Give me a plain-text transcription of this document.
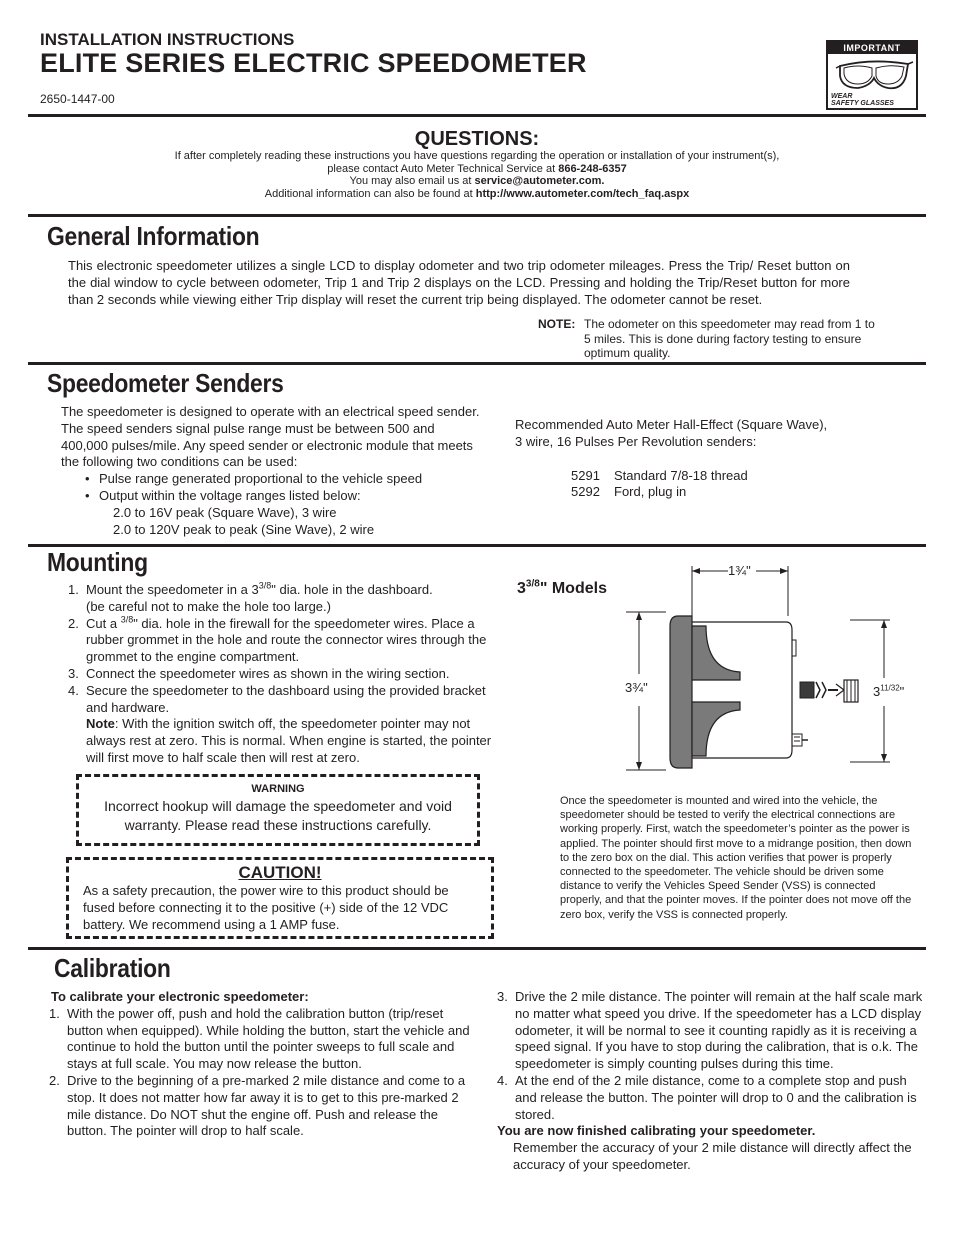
INSTALLATION INSTRUCTIONS
ELITE SERIES ELECTRIC SPEEDOMETER
2650-1447-00
IMPORTANT
WEAR
SAFETY GLASSES
QUESTIONS:
If after completely reading these instructions you have questions regarding the operation or installation of your instrument(s),
please contact Auto Meter Technical Service at 866-248-6357
You may also email us at service@autometer.com.
Additional information can also be found at http://www.autometer.com/tech_faq.aspx
General Information
This electronic speedometer utilizes a single LCD to display odometer and two trip odometer mileages. Press the Trip/ Reset button on the dial window to cycle between odometer, Trip 1 and Trip 2 displays on the LCD. Pressing and holding the Trip/Reset button for more than 2 seconds while viewing either Trip display will reset the current trip being displayed. The odometer cannot be reset.
NOTE: The odometer on this speedometer may read from 1 to
5 miles. This is done during factory testing to ensure
optimum quality.
Speedometer Senders
The speedometer is designed to operate with an electrical speed sender. The speed senders signal pulse range must be between 500 and 400,000 pulses/mile. Any speed sender or electronic module that meets the following two conditions can be used:
• Pulse range generated proportional to the vehicle speed
• Output within the voltage ranges listed below:
2.0 to 16V peak (Square Wave), 3 wire
2.0 to 120V peak to peak (Sine Wave), 2 wire
Recommended Auto Meter Hall-Effect (Square Wave),
3 wire, 16 Pulses Per Revolution senders:
5291 Standard 7/8-18 thread
5292 Ford, plug in
Mounting
1. Mount the speedometer in a $3^{3/8}$" dia. hole in the dashboard.
(be careful not to make the hole too large.)
2. Cut a $^{3/8}$" dia. hole in the firewall for the speedometer wires. Place a rubber grommet in the hole and route the connector wires through the grommet to the engine compartment.
3. Connect the speedometer wires as shown in the wiring section.
4. Secure the speedometer to the dashboard using the provided bracket and hardware.
Note: With the ignition switch off, the speedometer pointer may not always rest at zero. This is normal. When engine is started, the pointer will first move to half scale then will rest at zero.
WARNING
Incorrect hookup will damage the speedometer and void warranty. Please read these instructions carefully.
CAUTION!
As a safety precaution, the power wire to this product should be fused before connecting it to the positive (+) side of the 12 VDC battery. We recommend using a 1 AMP fuse.
$3^{3/8}$" Models
1¾"
3¾"	$3^{11/32}$"
Once the speedometer is mounted and wired into the vehicle, the speedometer should be tested to verify the electrical connections are working properly. First, watch the speedometer’s pointer as the power is applied. The pointer should first move to a midrange position, then down to the zero box on the dial. This action verifies that power is properly connected to the speedometer. The vehicle should be driven some distance to verify the Vehicles Speed Sender (VSS) is connected properly, and that the pointer moves. If the pointer does not move off the zero box, verify the VSS is connected properly.
Calibration
To calibrate your electronic speedometer:
1. With the power off, push and hold the calibration button (trip/reset button when equipped). While holding the button, start the vehicle and continue to hold the button until the pointer sweeps to full scale and stays at full scale. You may now release the button.
2. Drive to the beginning of a pre-marked 2 mile distance and come to a stop. It does not matter how far away it is to get to this pre-marked 2 mile distance. Do NOT shut the engine off. Push and release the button. The pointer will drop to half scale.
3. Drive the 2 mile distance. The pointer will remain at the half scale mark no matter what speed you drive. If the speedometer has a LCD display odometer, it will be normal to see it counting rapidly as it is receiving a speed signal. If you have to stop during the calibration, that is o.k. The speedometer is simply counting pulses during this time.
4. At the end of the 2 mile distance, come to a complete stop and push and release the button. The pointer will drop to 0 and the calibration is stored.
You are now finished calibrating your speedometer.
Remember the accuracy of your 2 mile distance will directly affect the accuracy of your speedometer.
